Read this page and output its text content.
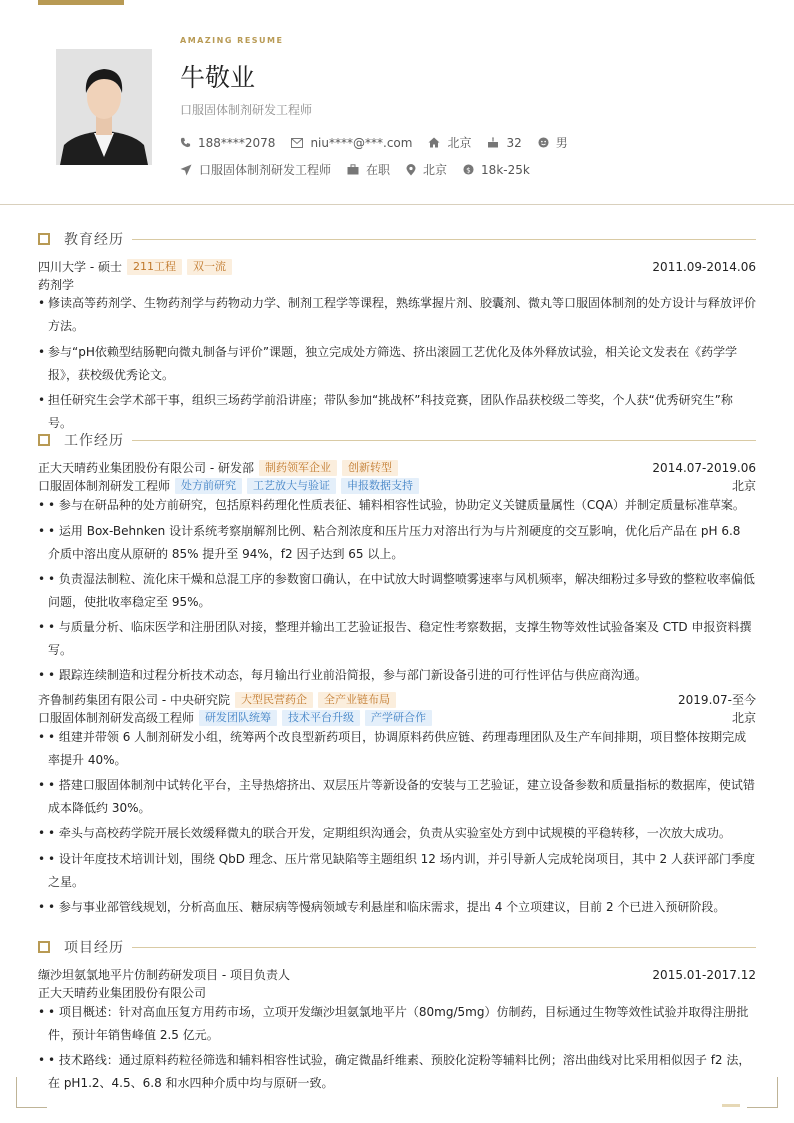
AMAZING RESUME
牛敬业
口服固体制剂研发工程师
188****2078	niu****@***.com	北京	32	男
口服固体制剂研发工程师	在职	北京 $ 18k-25k
教育经历
四川大学 - 硕士	211工程	双一流	2011.09-2014.06
药剂学
• 修读高等药剂学、生物药剂学与药物动力学、制剂工程学等课程，熟练掌握片剂、胶囊剂、微丸等口服固体制剂的处方设计与释放评价方法。
• 参与“pH依赖型结肠靶向微丸制备与评价”课题，独立完成处方筛选、挤出滚圆工艺优化及体外释放试验，相关论文发表在《药学学报》，获校级优秀论文。
• 担任研究生会学术部干事，组织三场药学前沿讲座；带队参加“挑战杯”科技竞赛，团队作品获校级二等奖，个人获“优秀研究生”称号。
工作经历
正大天晴药业集团股份有限公司 - 研发部	制药领军企业	创新转型	2014.07-2019.06
口服固体制剂研发工程师	处方前研究	工艺放大与验证	申报数据支持	北京
• • 参与在研品种的处方前研究，包括原料药理化性质表征、辅料相容性试验，协助定义关键质量属性（CQA）并制定质量标准草案。
• • 运用 Box-Behnken 设计系统考察崩解剂比例、粘合剂浓度和压片压力对溶出行为与片剂硬度的交互影响，优化后产品在 pH 6.8 介质中溶出度从原研的 85% 提升至 94%，f2 因子达到 65 以上。
• • 负责湿法制粒、流化床干燥和总混工序的参数窗口确认，在中试放大时调整喷雾速率与风机频率，解决细粉过多导致的整粒收率偏低问题，使批收率稳定至 95%。
• • 与质量分析、临床医学和注册团队对接，整理并输出工艺验证报告、稳定性考察数据，支撑生物等效性试验备案及 CTD 申报资料撰写。
• • 跟踪连续制造和过程分析技术动态，每月输出行业前沿简报，参与部门新设备引进的可行性评估与供应商沟通。
齐鲁制药集团有限公司 - 中央研究院	大型民营药企	全产业链布局	2019.07-至今
口服固体制剂研发高级工程师	研发团队统筹	技术平台升级	产学研合作	北京
• • 组建并带领 6 人制剂研发小组，统筹两个改良型新药项目，协调原料药供应链、药理毒理团队及生产车间排期，项目整体按期完成率提升 40%。
• • 搭建口服固体制剂中试转化平台，主导热熔挤出、双层压片等新设备的安装与工艺验证，建立设备参数和质量指标的数据库，使试错成本降低约 30%。
• • 牵头与高校药学院开展长效缓释微丸的联合开发，定期组织沟通会，负责从实验室处方到中试规模的平稳转移，一次放大成功。
• • 设计年度技术培训计划，围绕 QbD 理念、压片常见缺陷等主题组织 12 场内训，并引导新人完成轮岗项目，其中 2 人获评部门季度之星。
• • 参与事业部管线规划，分析高血压、糖尿病等慢病领域专利悬崖和临床需求，提出 4 个立项建议，目前 2 个已进入预研阶段。
项目经历
缬沙坦氨氯地平片仿制药研发项目 - 项目负责人	2015.01-2017.12
正大天晴药业集团股份有限公司
• • 项目概述：针对高血压复方用药市场，立项开发缬沙坦氨氯地平片（80mg/5mg）仿制药，目标通过生物等效性试验并取得注册批件，预计年销售峰值 2.5 亿元。
• • 技术路线：通过原料药粒径筛选和辅料相容性试验，确定微晶纤维素、预胶化淀粉等辅料比例；溶出曲线对比采用相似因子 f2 法，在 pH1.2、4.5、6.8 和水四种介质中均与原研一致。
